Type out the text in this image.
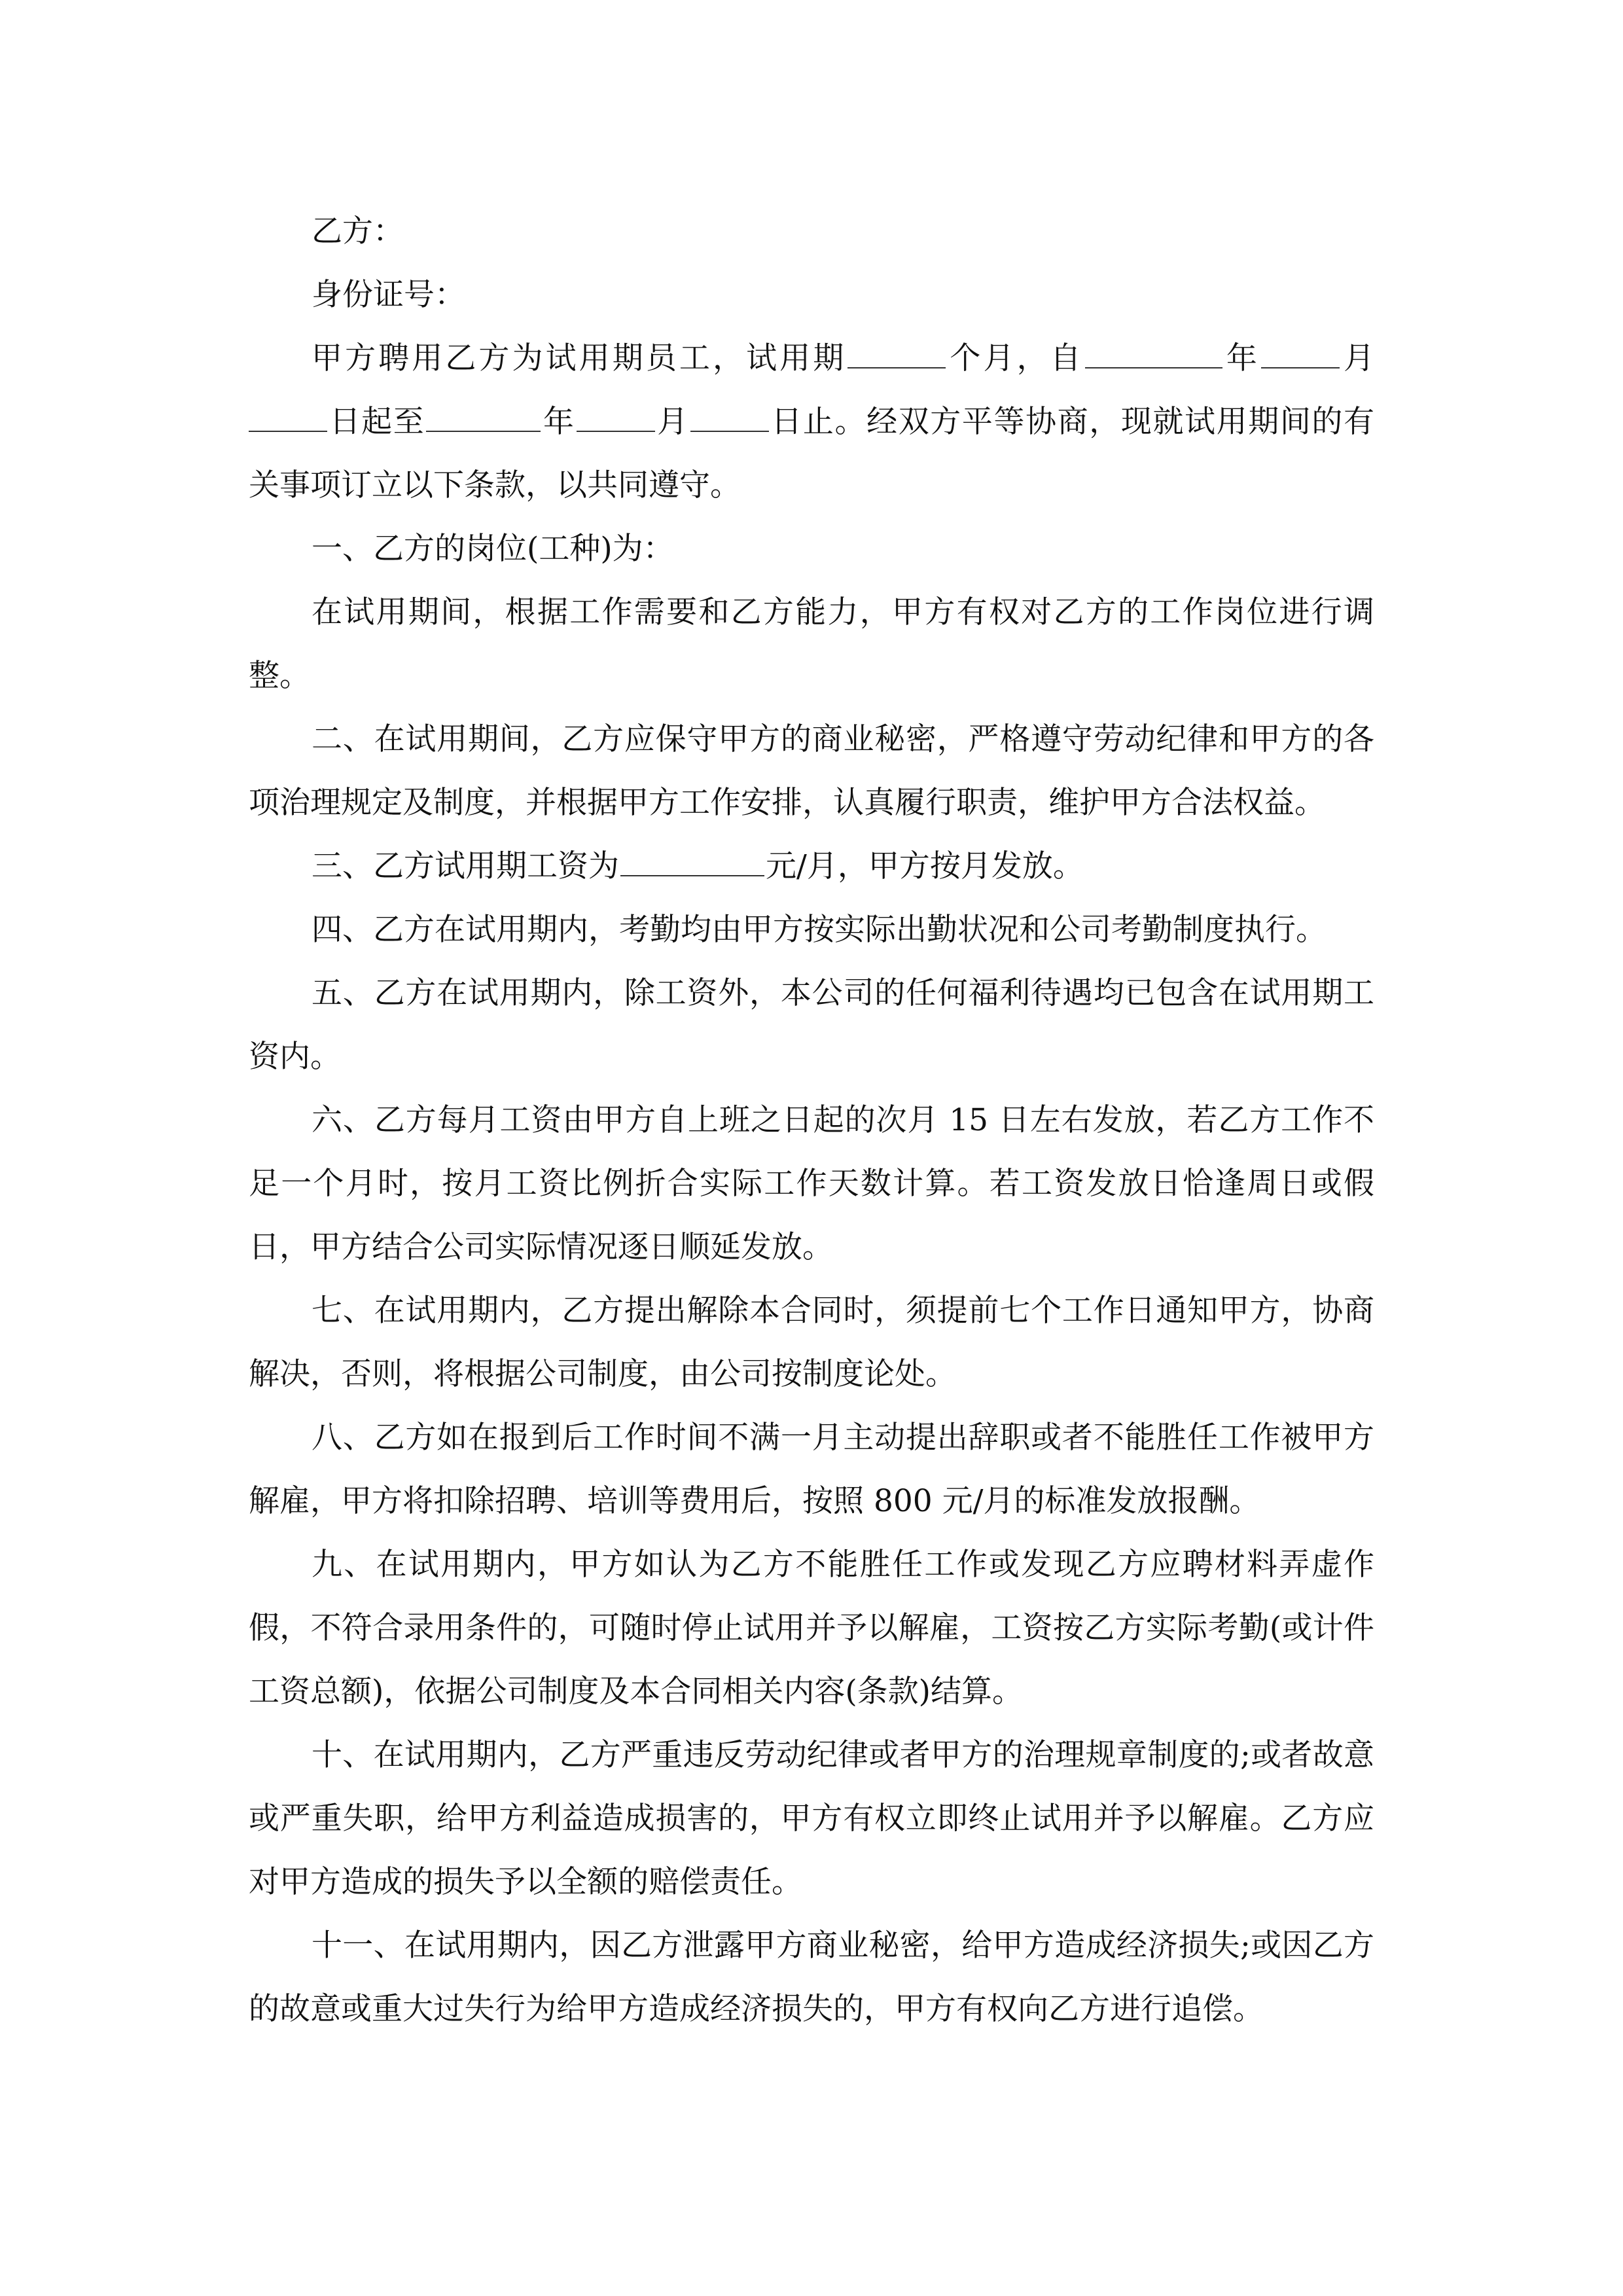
乙方：

身份证号：

甲方聘用乙方为试用期员工，试用期	个月，自	年	月日起至	年	月	日止。经双方平等协商，现就试用期间的有关事项订立以下条款，以共同遵守。

一、乙方的岗位(工种)为：

在试用期间，根据工作需要和乙方能力，甲方有权对乙方的工作岗位进行调整。

二、在试用期间，乙方应保守甲方的商业秘密，严格遵守劳动纪律和甲方的各项治理规定及制度，并根据甲方工作安排，认真履行职责，维护甲方合法权益。

三、乙方试用期工资为	元/月，甲方按月发放。

四、乙方在试用期内，考勤均由甲方按实际出勤状况和公司考勤制度执行。

五、乙方在试用期内，除工资外，本公司的任何福利待遇均已包含在试用期工资内。

六、乙方每月工资由甲方自上班之日起的次月 15 日左右发放，若乙方工作不足一个月时，按月工资比例折合实际工作天数计算。若工资发放日恰逢周日或假日，甲方结合公司实际情况逐日顺延发放。

七、在试用期内，乙方提出解除本合同时，须提前七个工作日通知甲方，协商解决，否则，将根据公司制度，由公司按制度论处。

八、乙方如在报到后工作时间不满一月主动提出辞职或者不能胜任工作被甲方解雇，甲方将扣除招聘、培训等费用后，按照 800 元/月的标准发放报酬。

九、在试用期内，甲方如认为乙方不能胜任工作或发现乙方应聘材料弄虚作假，不符合录用条件的，可随时停止试用并予以解雇，工资按乙方实际考勤(或计件工资总额)，依据公司制度及本合同相关内容(条款)结算。

十、在试用期内，乙方严重违反劳动纪律或者甲方的治理规章制度的;或者故意或严重失职，给甲方利益造成损害的，甲方有权立即终止试用并予以解雇。乙方应对甲方造成的损失予以全额的赔偿责任。

十一、在试用期内，因乙方泄露甲方商业秘密，给甲方造成经济损失;或因乙方的故意或重大过失行为给甲方造成经济损失的，甲方有权向乙方进行追偿。
